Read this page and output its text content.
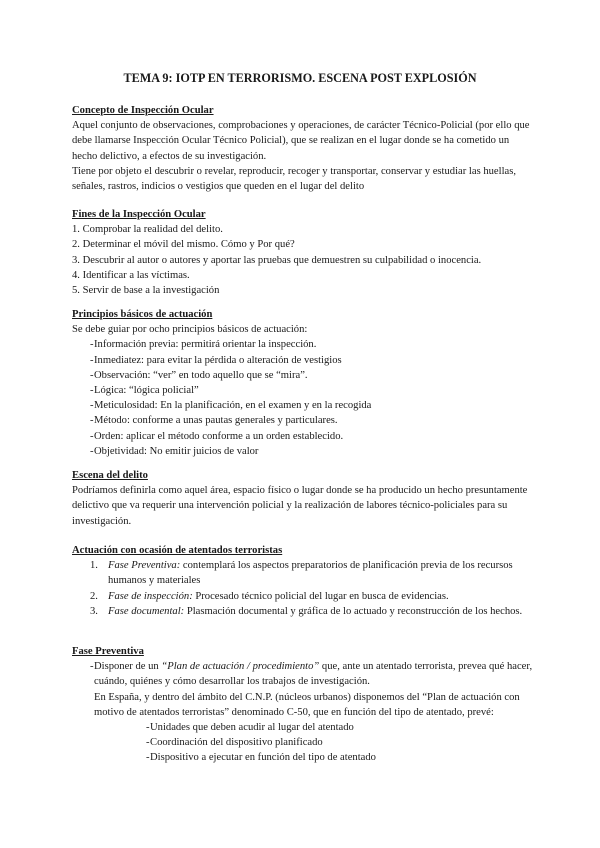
TEMA 9: IOTP EN TERRORISMO. ESCENA POST EXPLOSIÓN

Concepto de Inspección Ocular

Aquel conjunto de observaciones, comprobaciones y operaciones, de carácter Técnico-Policial (por ello que debe llamarse Inspección Ocular Técnico Policial), que se realizan en el lugar donde se ha cometido un hecho delictivo, a efectos de su investigación.

Tiene por objeto el descubrir o revelar, reproducir, recoger y transportar, conservar y estudiar las huellas, señales, rastros, indicios o vestigios que queden en el lugar del delito

Fines de la Inspección Ocular

1. Comprobar la realidad del delito.

2. Determinar el móvil del mismo. Cómo y Por qué?

3. Descubrir al autor o autores y aportar las pruebas que demuestren su culpabilidad o inocencia.

4. Identificar a las víctimas.

5. Servir de base a la investigación

Principios básicos de actuación

Se debe guiar por ocho principios básicos de actuación:

- Información previa: permitirá orientar la inspección.
- Inmediatez: para evitar la pérdida o alteración de vestigios
- Observación: “ver” en todo aquello que se “mira”.
- Lógica: “lógica policial”
- Meticulosidad: En la planificación, en el examen y en la recogida
- Método: conforme a unas pautas generales y particulares.
- Orden: aplicar el método conforme a un orden establecido.
- Objetividad: No emitir juicios de valor

Escena del delito

Podríamos definirla como aquel área, espacio físico o lugar donde se ha producido un hecho presuntamente delictivo que va requerir una intervención policial y la realización de labores técnico-policiales para su investigación.

Actuación con ocasión de atentados terroristas

1. Fase Preventiva: contemplará los aspectos preparatorios de planificación previa de los recursos humanos y materiales
2. Fase de inspección: Procesado técnico policial del lugar en busca de evidencias.
3. Fase documental: Plasmación documental y gráfica de lo actuado y reconstrucción de los hechos.

Fase Preventiva

- Disponer de un “Plan de actuación / procedimiento” que, ante un atentado terrorista, prevea qué hacer, cuándo, quiénes y cómo desarrollar los trabajos de investigación.

En España, y dentro del ámbito del C.N.P. (núcleos urbanos) disponemos del “Plan de actuación con motivo de atentados terroristas” denominado C-50, que en función del tipo de atentado, prevé:

- Unidades que deben acudir al lugar del atentado
- Coordinación del dispositivo planificado
- Dispositivo a ejecutar en función del tipo de atentado
